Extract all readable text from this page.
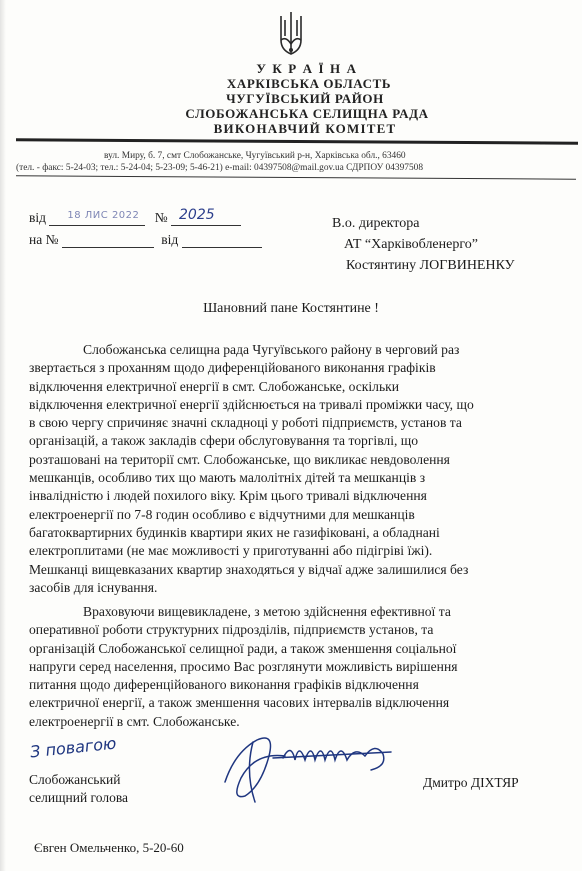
У К Р А Ї Н А
ХАРКІВСЬКА ОБЛАСТЬ
ЧУГУЇВСЬКИЙ РАЙОН
СЛОБОЖАНСЬКА СЕЛИЩНА РАДА
ВИКОНАВЧИЙ КОМІТЕТ
вул. Миру, б. 7, смт Слобожанське, Чугуївський р-н, Харківська обл., 63460
(тел. - факс: 5-24-03; тел.: 5-24-04; 5-23-09; 5-46-21) e-mail: 04397508@mail.gov.ua СДРПОУ 04397508
від 18 ЛИС 2022 № 2025
на №	від
В.о. директора
АТ “Харківобленерго”
Костянтину ЛОГВИНЕНКУ
Шановний пане Костянтине !
Слобожанська селищна рада Чугуївського району в черговий раз
звертається з проханням щодо диференційованого виконання графіків
відключення електричної енергії в смт. Слобожанське, оскільки
відключення електричної енергії здійснюється на тривалі проміжки часу, що
в свою чергу спричиняє значні складноці у роботі підприємств, установ та
організацій, а також закладів сфери обслуговування та торгівлі, що
розташовані на території смт. Слобожанське, що викликає невдоволення
мешканців, особливо тих що мають малолітніх дітей та мешканців з
інвалідністю і людей похилого віку. Крім цього тривалі відключення
електроенергії по 7-8 годин особливо є відчутними для мешканців
багатоквартирних будинків квартири яких не газифіковані, а обладнані
електроплитами (не має можливості у приготуванні або підігріві їжі).
Мешканці вищевказаних квартир знаходяться у відчаї адже залишилися без
засобів для існування.
Враховуючи вищевикладене, з метою здійснення ефективної та
оперативної роботи структурних підрозділів, підприємств установ, та
організацій Слобожанської селищної ради, а також зменшення соціальної
напруги серед населення, просимо Вас розглянути можливість вирішення
питання щодо диференційованого виконання графіків відключення
електричної енергії, а також зменшення часових інтервалів відключення
електроенергії в смт. Слобожанське.
З повагою
Слобожанський
селищний голова
Дмитро ДІХТЯР
Євген Омельченко, 5-20-60
